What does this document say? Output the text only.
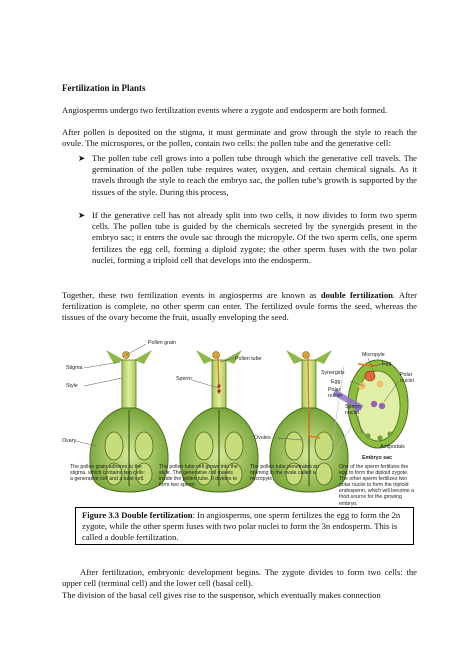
Fertilization in Plants
Angiosperms undergo two fertilization events where a zygote and endosperm are both formed.
After pollen is deposited on the stigma, it must germinate and grow through the style to reach the ovule. The microspores, or the pollen, contain two cells: the pollen tube and the generative cell:
➤ The pollen tube cell grows into a pollen tube through which the generative cell travels. The germination of the pollen tube requires water, oxygen, and certain chemical signals. As it travels through the style to reach the embryo sac, the pollen tube’s growth is supported by the tissues of the style. During this process,
➤ If the generative cell has not already split into two cells, it now divides to form two sperm cells. The pollen tube is guided by the chemicals secreted by the synergids present in the embryo sac; it enters the ovule sac through the micropyle. Of the two sperm cells, one sperm fertilizes the egg cell, forming a diploid zygote; the other sperm fuses with the two polar nuclei, forming a triploid cell that develops into the endosperm.
Together, these two fertilization events in angiosperms are known as double fertilization. After fertilization is complete, no other sperm can enter. The fertilized ovule forms the seed, whereas the tissues of the ovary become the fruit, usually enveloping the seed.
Pollen grain
Stigma
Style
Ovary
Pollen tube
Sperm
Ovules
Micropyle
Egg
Synergids
Egg
Polar nuclei
Polar nuclei
Sperm nuclei
Antipodals
Embryo sac
The pollen grain adheres to the stigma, which contains two cells: a generative cell and a tube cell.
The pollen tube cell grows into the style. The generative cell travels inside the pollen tube. It divides to form two sperm.
The pollen tube penetrates an opening in the ovule called a micropyle.
One of the sperm fertilizes the egg to form the diploid zygote. The other sperm fertilizes two polar nuclei to form the triploid endosperm, which will become a food source for the growing embryo.
Figure 3.3 Double fertilization: In angiosperms, one sperm fertilizes the egg to form the 2n zygote, while the other sperm fuses with two polar nuclei to form the 3n endosperm. This is called a double fertilization.
After fertilization, embryonic development begins. The zygote divides to form two cells: the upper cell (terminal cell) and the lower cell (basal cell).
The division of the basal cell gives rise to the suspensor, which eventually makes connection
